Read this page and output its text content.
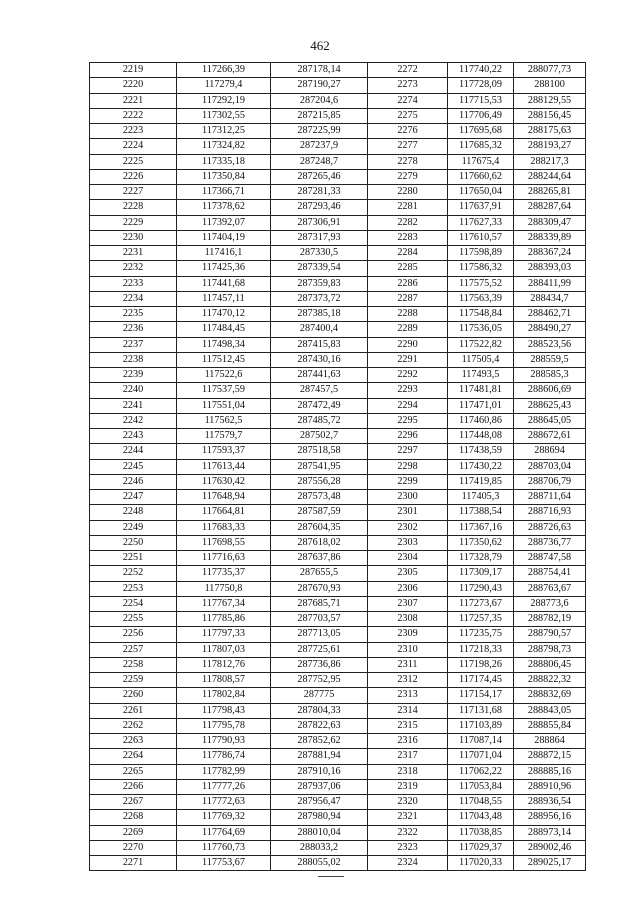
462
2219	117266,39	287178,14	2272	117740,22	288077,73
2220	117279,4	287190,27	2273	117728,09	288100
2221	117292,19	287204,6	2274	117715,53	288129,55
2222	117302,55	287215,85	2275	117706,49	288156,45
2223	117312,25	287225,99	2276	117695,68	288175,63
2224	117324,82	287237,9	2277	117685,32	288193,27
2225	117335,18	287248,7	2278	117675,4	288217,3
2226	117350,84	287265,46	2279	117660,62	288244,64
2227	117366,71	287281,33	2280	117650,04	288265,81
2228	117378,62	287293,46	2281	117637,91	288287,64
2229	117392,07	287306,91	2282	117627,33	288309,47
2230	117404,19	287317,93	2283	117610,57	288339,89
2231	117416,1	287330,5	2284	117598,89	288367,24
2232	117425,36	287339,54	2285	117586,32	288393,03
2233	117441,68	287359,83	2286	117575,52	288411,99
2234	117457,11	287373,72	2287	117563,39	288434,7
2235	117470,12	287385,18	2288	117548,84	288462,71
2236	117484,45	287400,4	2289	117536,05	288490,27
2237	117498,34	287415,83	2290	117522,82	288523,56
2238	117512,45	287430,16	2291	117505,4	288559,5
2239	117522,6	287441,63	2292	117493,5	288585,3
2240	117537,59	287457,5	2293	117481,81	288606,69
2241	117551,04	287472,49	2294	117471,01	288625,43
2242	117562,5	287485,72	2295	117460,86	288645,05
2243	117579,7	287502,7	2296	117448,08	288672,61
2244	117593,37	287518,58	2297	117438,59	288694
2245	117613,44	287541,95	2298	117430,22	288703,04
2246	117630,42	287556,28	2299	117419,85	288706,79
2247	117648,94	287573,48	2300	117405,3	288711,64
2248	117664,81	287587,59	2301	117388,54	288716,93
2249	117683,33	287604,35	2302	117367,16	288726,63
2250	117698,55	287618,02	2303	117350,62	288736,77
2251	117716,63	287637,86	2304	117328,79	288747,58
2252	117735,37	287655,5	2305	117309,17	288754,41
2253	117750,8	287670,93	2306	117290,43	288763,67
2254	117767,34	287685,71	2307	117273,67	288773,6
2255	117785,86	287703,57	2308	117257,35	288782,19
2256	117797,33	287713,05	2309	117235,75	288790,57
2257	117807,03	287725,61	2310	117218,33	288798,73
2258	117812,76	287736,86	2311	117198,26	288806,45
2259	117808,57	287752,95	2312	117174,45	288822,32
2260	117802,84	287775	2313	117154,17	288832,69
2261	117798,43	287804,33	2314	117131,68	288843,05
2262	117795,78	287822,63	2315	117103,89	288855,84
2263	117790,93	287852,62	2316	117087,14	288864
2264	117786,74	287881,94	2317	117071,04	288872,15
2265	117782,99	287910,16	2318	117062,22	288885,16
2266	117777,26	287937,06	2319	117053,84	288910,96
2267	117772,63	287956,47	2320	117048,55	288936,54
2268	117769,32	287980,94	2321	117043,48	288956,16
2269	117764,69	288010,04	2322	117038,85	288973,14
2270	117760,73	288033,2	2323	117029,37	289002,46
2271	117753,67	288055,02	2324	117020,33	289025,17
